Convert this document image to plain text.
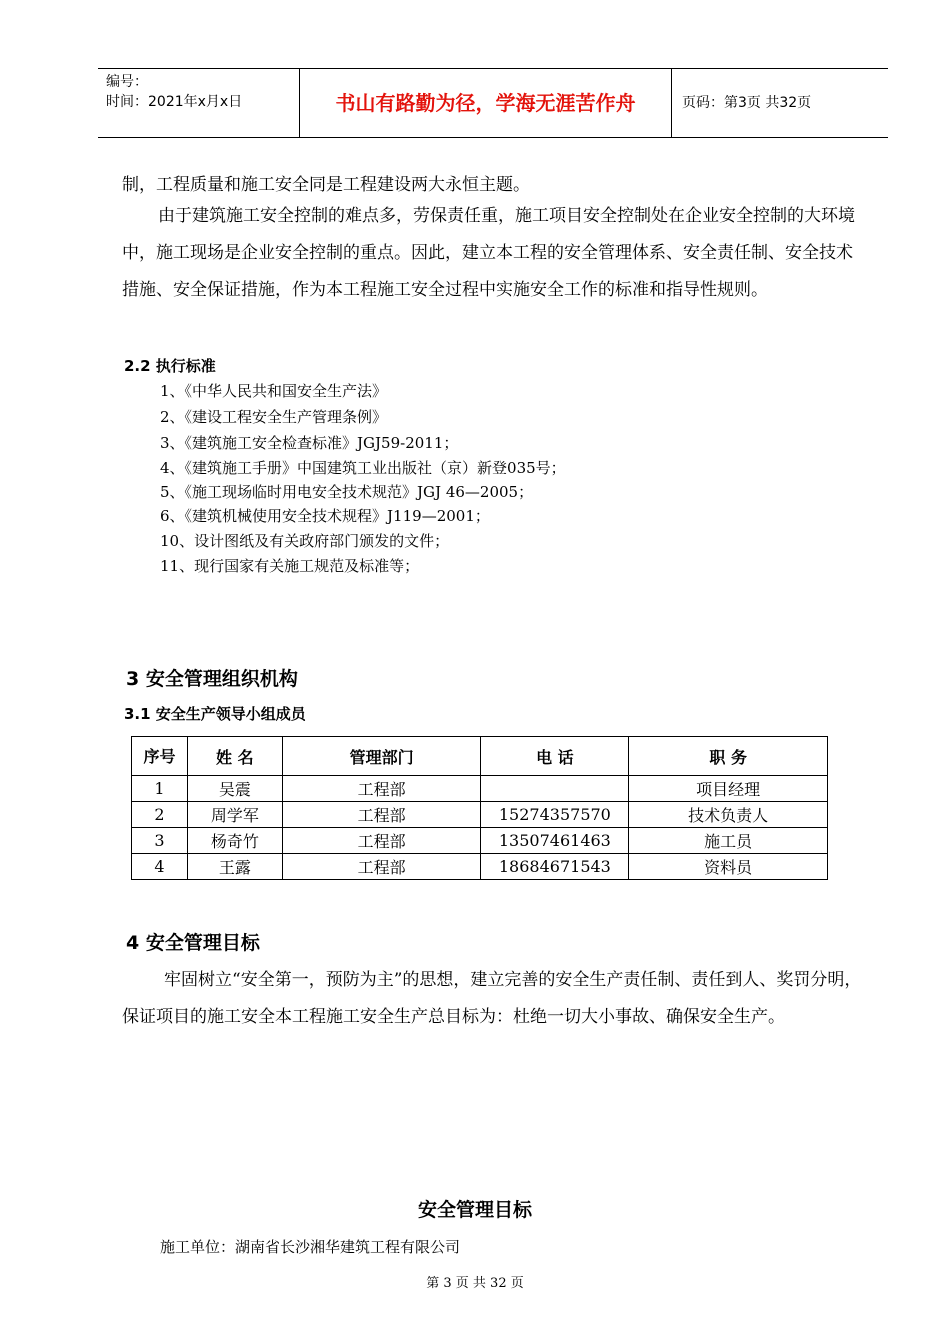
编号：
时间：2021年x月x日	书山有路勤为径，学海无涯苦作舟	页码：第3页 共32页
制，工程质量和施工安全同是工程建设两大永恒主题。
由于建筑施工安全控制的难点多，劳保责任重，施工项目安全控制处在企业安全控制的大环境中，施工现场是企业安全控制的重点。因此，建立本工程的安全管理体系、安全责任制、安全技术措施、安全保证措施，作为本工程施工安全过程中实施安全工作的标准和指导性规则。
2.2 执行标准
1、《中华人民共和国安全生产法》
2、《建设工程安全生产管理条例》
3、《建筑施工安全检查标准》JGJ59-2011；
4、《建筑施工手册》中国建筑工业出版社（京）新登035号；
5、《施工现场临时用电安全技术规范》JGJ 46—2005；
6、《建筑机械使用安全技术规程》J119—2001；
10、设计图纸及有关政府部门颁发的文件；
11、现行国家有关施工规范及标准等；
3 安全管理组织机构
3.1 安全生产领导小组成员
序号	姓 名	管理部门	电 话	职 务
1	吴震	工程部		项目经理
2	周学军	工程部	15274357570	技术负责人
3	杨奇竹	工程部	13507461463	施工员
4	王露	工程部	18684671543	资料员
4 安全管理目标
牢固树立“安全第一，预防为主”的思想，建立完善的安全生产责任制、责任到人、奖罚分明，保证项目的施工安全本工程施工安全生产总目标为：杜绝一切大小事故、确保安全生产。
安全管理目标
施工单位：湖南省长沙湘华建筑工程有限公司
第 3 页 共 32 页
